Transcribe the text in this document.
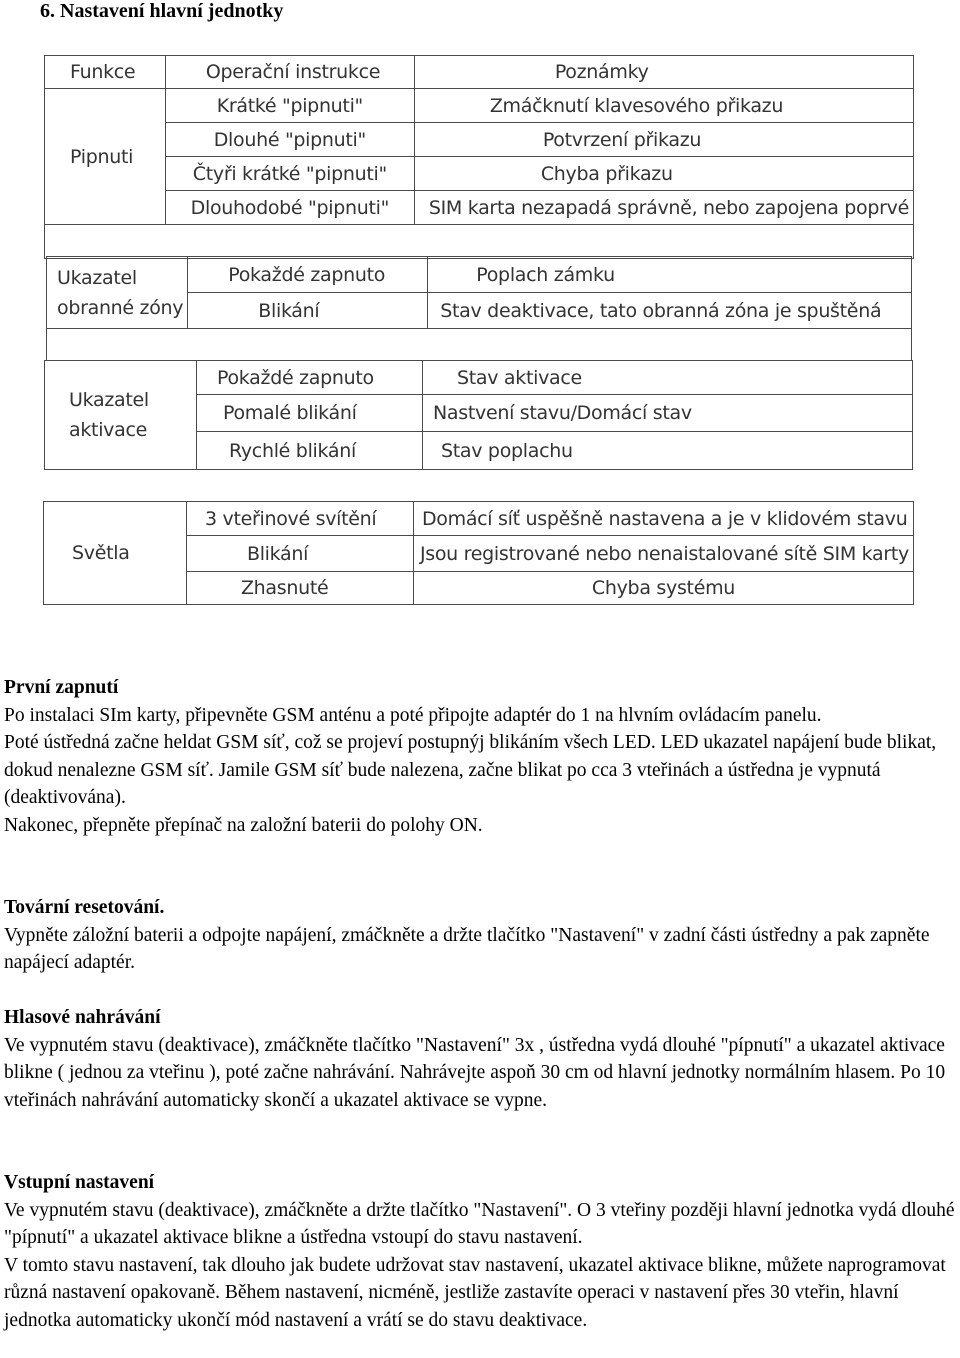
6. Nastavení hlavní jednotky
Funkce	Operační instrukce	Poznámky
Pipnuti	Krátké "pipnuti"	Zmáčknutí klavesového přikazu
	Dlouhé "pipnuti"	Potvrzení přikazu
	Čtyři krátké "pipnuti"	Chyba přikazu
	Dlouhodobé "pipnuti"	SIM karta nezapadá správně, nebo zapojena poprvé

Ukazatel
obranné zóny	Pokaždé zapnuto	Poplach zámku
	Blikání	Stav deaktivace, tato obranná zóna je spuštěná

Ukazatel
aktivace	Pokaždé zapnuto	Stav aktivace
	Pomalé blikání	Nastvení stavu/Domácí stav
	Rychlé blikání	Stav poplachu
Světla	3 vteřinové svítění	Domácí síť uspěšně nastavena a je v klidovém stavu
	Blikání	Jsou registrované nebo nenaistalované sítě SIM karty
	Zhasnuté	Chyba systému

První zapnutí

Po instalaci SIm karty, připevněte GSM anténu a poté připojte adaptér do 1 na hlvním ovládacím panelu.

Poté ústředná začne heldat GSM síť, což se projeví postupnýj blikáním všech LED. LED ukazatel napájení bude blikat, dokud nenalezne GSM síť. Jamile GSM síť bude nalezena, začne blikat po cca 3 vteřinách a ústředna je vypnutá (deaktivována).

Nakonec, přepněte přepínač na založní baterii do polohy ON.

Tovární resetování.

Vypněte záložní baterii a odpojte napájení, zmáčkněte a držte tlačítko "Nastavení" v zadní části ústředny a pak zapněte napájecí adaptér.

Hlasové nahrávání

Ve vypnutém stavu (deaktivace), zmáčkněte tlačítko "Nastavení" 3x , ústředna vydá dlouhé "pípnutí" a ukazatel aktivace blikne ( jednou za vteřinu ), poté začne nahrávání. Nahrávejte aspoň 30 cm od hlavní jednotky normálním hlasem. Po 10 vteřinách nahrávání automaticky skončí a ukazatel aktivace se vypne.

Vstupní nastavení

Ve vypnutém stavu (deaktivace), zmáčkněte a držte tlačítko "Nastavení". O 3 vteřiny později hlavní jednotka vydá dlouhé "pípnutí" a ukazatel aktivace blikne a ústředna vstoupí do stavu nastavení.

V tomto stavu nastavení, tak dlouho jak budete udržovat stav nastavení, ukazatel aktivace blikne, můžete naprogramovat různá nastavení opakovaně. Během nastavení, nicméně, jestliže zastavíte operaci v nastavení přes 30 vteřin, hlavní jednotka automaticky ukončí mód nastavení a vrátí se do stavu deaktivace.
